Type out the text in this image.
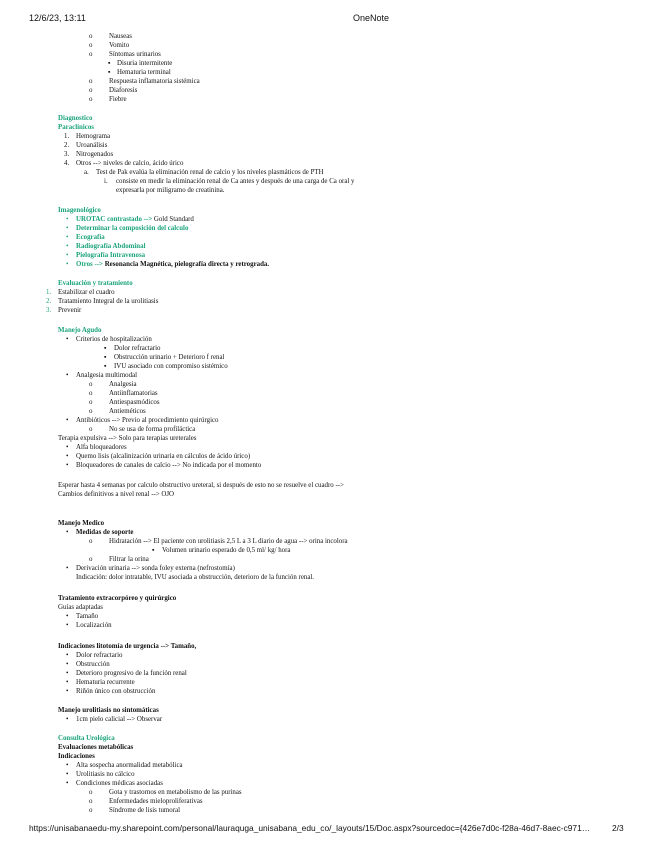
12/6/23, 13:11	OneNote
o Nauseas
o Vomito
o Síntomas urinarios
▪ Disuria intermitente
▪ Hematuria terminal
o Respuesta inflamatoria sistémica
o Diaforesis
o Fiebre
Diagnostico
Paraclínicos
1. Hemograma
2. Uroanálisis
3. Nitrogenados
4. Otros --> niveles de calcio, ácido úrico
a. Test de Pak evalúa la eliminación renal de calcio y los niveles plasmáticos de PTH
i. consiste en medir la eliminación renal de Ca antes y después de una carga de Ca oral y
expresarla por miligramo de creatinina.
Imagenológico
• UROTAC contrastado --> Gold Standard
• Determinar la composición del calculo
• Ecografía
• Radiografía Abdominal
• Pielografía Intravenosa
• Otros --> Resonancia Magnética, pielografía directa y retrograda.
Evaluación y tratamiento
1. Estabilizar el cuadro
2. Tratamiento Integral de la urolitiasis
3. Prevenir
Manejo Agudo
• Criterios de hospitalización
▪ Dolor refractario
▪ Obstrucción urinario + Deterioro f renal
▪ IVU asociado con compromiso sistémico
• Analgesia multimodal
o Analgesia
o Antiinflamatorias
o Antiespasmódicos
o Antieméticos
• Antibióticos --> Previo al procedimiento quirúrgico
o No se usa de forma profiláctica
Terapia expulsiva --> Solo para terapias ureterales
• Alfa bloqueadores
• Quemo lisis (alcalinización urinaria en cálculos de ácido úrico)
• Bloqueadores de canales de calcio --> No indicada por el momento
Esperar hasta 4 semanas por calculo obstructivo ureteral, si después de esto no se resuelve el cuadro -->
Cambios definitivos a nivel renal --> OJO
Manejo Medico
• Medidas de soporte
o Hidratación --> El paciente con urolitiasis 2,5 L a 3 L diario de agua --> orina incolora
▪ Volumen urinario esperado de 0,5 ml/ kg/ hora
o Filtrar la orina
• Derivación urinaria --> sonda foley externa (nefrostomía)
Indicación: dolor intratable, IVU asociada a obstrucción, deterioro de la función renal.
Tratamiento extracorpóreo y quirúrgico
Guías adaptadas
• Tamaño
• Localización
Indicaciones litotomía de urgencia --> Tamaño,
• Dolor refractario
• Obstrucción
• Deterioro progresivo de la función renal
• Hematuria recurrente
• Riñón único con obstrucción
Manejo urolitiasis no sintomáticas
• 1cm pielo calicial --> Observar
Consulta Urológica
Evaluaciones metabólicas
Indicaciones
• Alta sospecha anormalidad metabólica
• Urolitiasis no cálcico
• Condiciones médicas asociadas
o Gota y trastornos en metabolismo de las purinas
o Enfermedades mieloproliferativas
o Síndrome de lisis tumoral
https://unisabanaedu-my.sharepoint.com/personal/lauraquga_unisabana_edu_co/_layouts/15/Doc.aspx?sourcedoc={426e7d0c-f28a-46d7-8aec-c971…	2/3
